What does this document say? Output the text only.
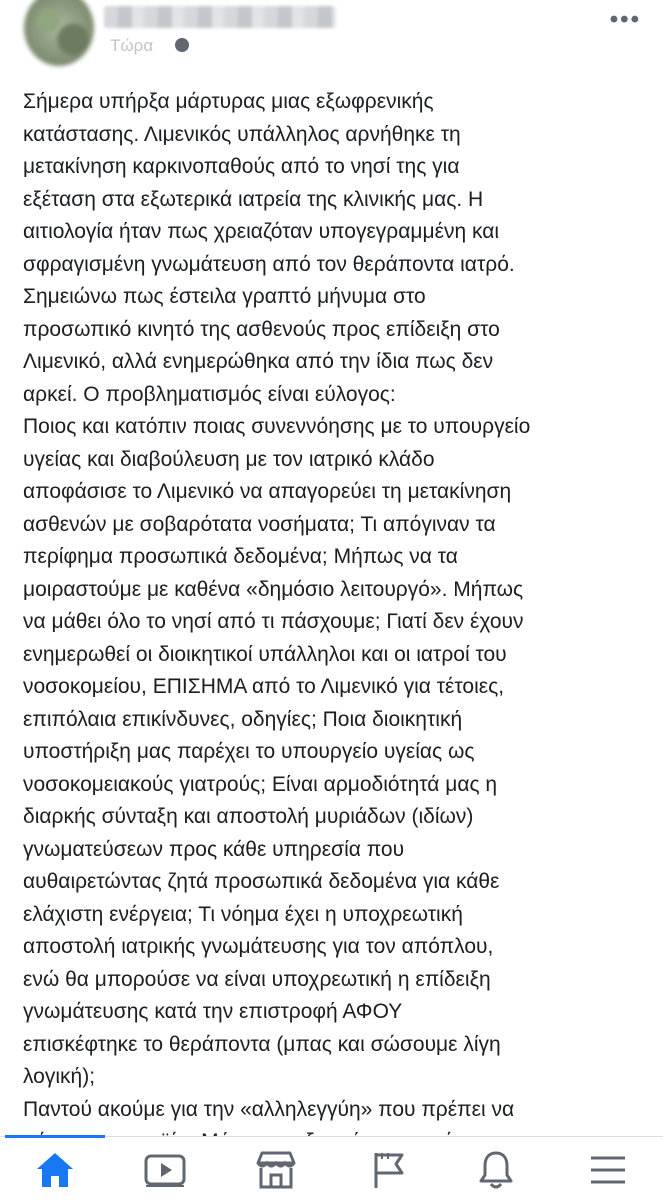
Τώρα
•••
Σήμερα υπήρξα μάρτυρας μιας εξωφρενικής
κατάστασης. Λιμενικός υπάλληλος αρνήθηκε τη
μετακίνηση καρκινοπαθούς από το νησί της για
εξέταση στα εξωτερικά ιατρεία της κλινικής μας. Η
αιτιολογία ήταν πως χρειαζόταν υπογεγραμμένη και
σφραγισμένη γνωμάτευση από τον θεράποντα ιατρό.
Σημειώνω πως έστειλα γραπτό μήνυμα στο
προσωπικό κινητό της ασθενούς προς επίδειξη στο
Λιμενικό, αλλά ενημερώθηκα από την ίδια πως δεν
αρκεί. Ο προβληματισμός είναι εύλογος:
Ποιος και κατόπιν ποιας συνεννόησης με το υπουργείο
υγείας και διαβούλευση με τον ιατρικό κλάδο
αποφάσισε το Λιμενικό να απαγορεύει τη μετακίνηση
ασθενών με σοβαρότατα νοσήματα; Τι απόγιναν τα
περίφημα προσωπικά δεδομένα; Μήπως να τα
μοιραστούμε με καθένα «δημόσιο λειτουργό». Μήπως
να μάθει όλο το νησί από τι πάσχουμε; Γιατί δεν έχουν
ενημερωθεί οι διοικητικοί υπάλληλοι και οι ιατροί του
νοσοκομείου, ΕΠΙΣΗΜΑ από το Λιμενικό για τέτοιες,
επιπόλαια επικίνδυνες, οδηγίες; Ποια διοικητική
υποστήριξη μας παρέχει το υπουργείο υγείας ως
νοσοκομειακούς γιατρούς; Είναι αρμοδιότητά μας η
διαρκής σύνταξη και αποστολή μυριάδων (ιδίων)
γνωματεύσεων προς κάθε υπηρεσία που
αυθαιρετώντας ζητά προσωπικά δεδομένα για κάθε
ελάχιστη ενέργεια; Τι νόημα έχει η υποχρεωτική
αποστολή ιατρικής γνωμάτευσης για τον απόπλου,
ενώ θα μπορούσε να είναι υποχρεωτική η επίδειξη
γνωμάτευσης κατά την επιστροφή ΑΦΟΥ
επισκέφτηκε το θεράποντα (μπας και σώσουμε λίγη
λογική);
Παντού ακούμε για την «αλληλεγγύη» που πρέπει να
